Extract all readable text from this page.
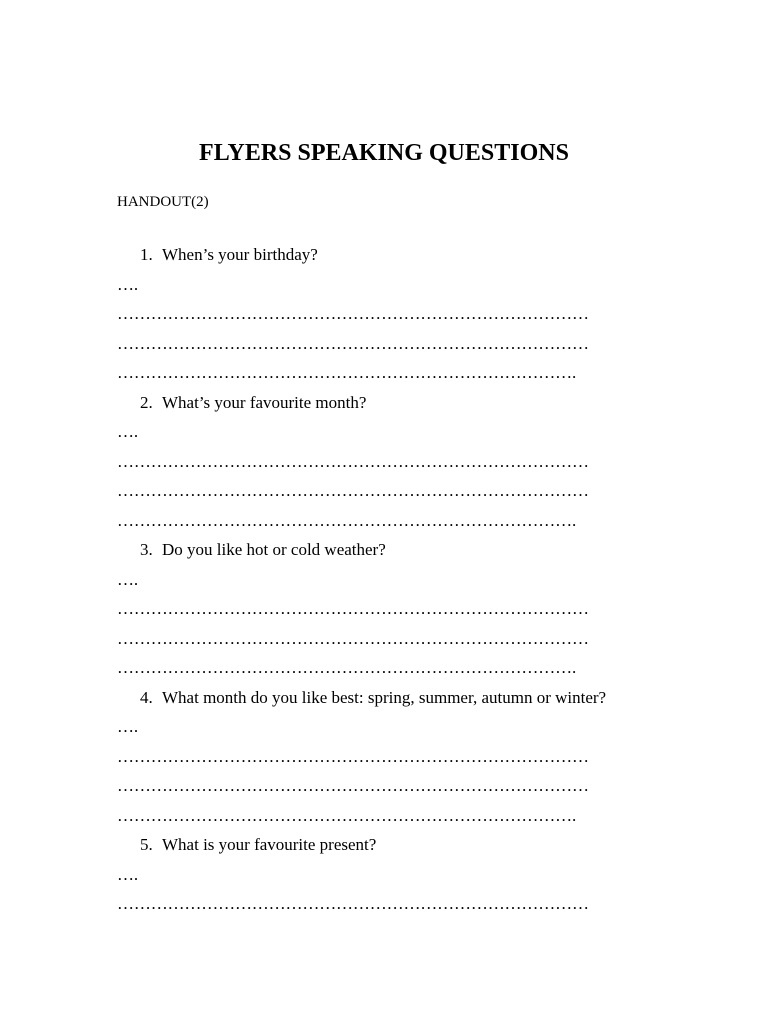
FLYERS SPEAKING QUESTIONS

HANDOUT(2)

1. When’s your birthday?
….
…………………………………………………………………………
…………………………………………………………………………
……………………………………………………………………….
2. What’s your favourite month?
….
…………………………………………………………………………
…………………………………………………………………………
……………………………………………………………………….
3. Do you like hot or cold weather?
….
…………………………………………………………………………
…………………………………………………………………………
……………………………………………………………………….
4. What month do you like best: spring, summer, autumn or winter?
….
…………………………………………………………………………
…………………………………………………………………………
……………………………………………………………………….
5. What is your favourite present?
….
…………………………………………………………………………
